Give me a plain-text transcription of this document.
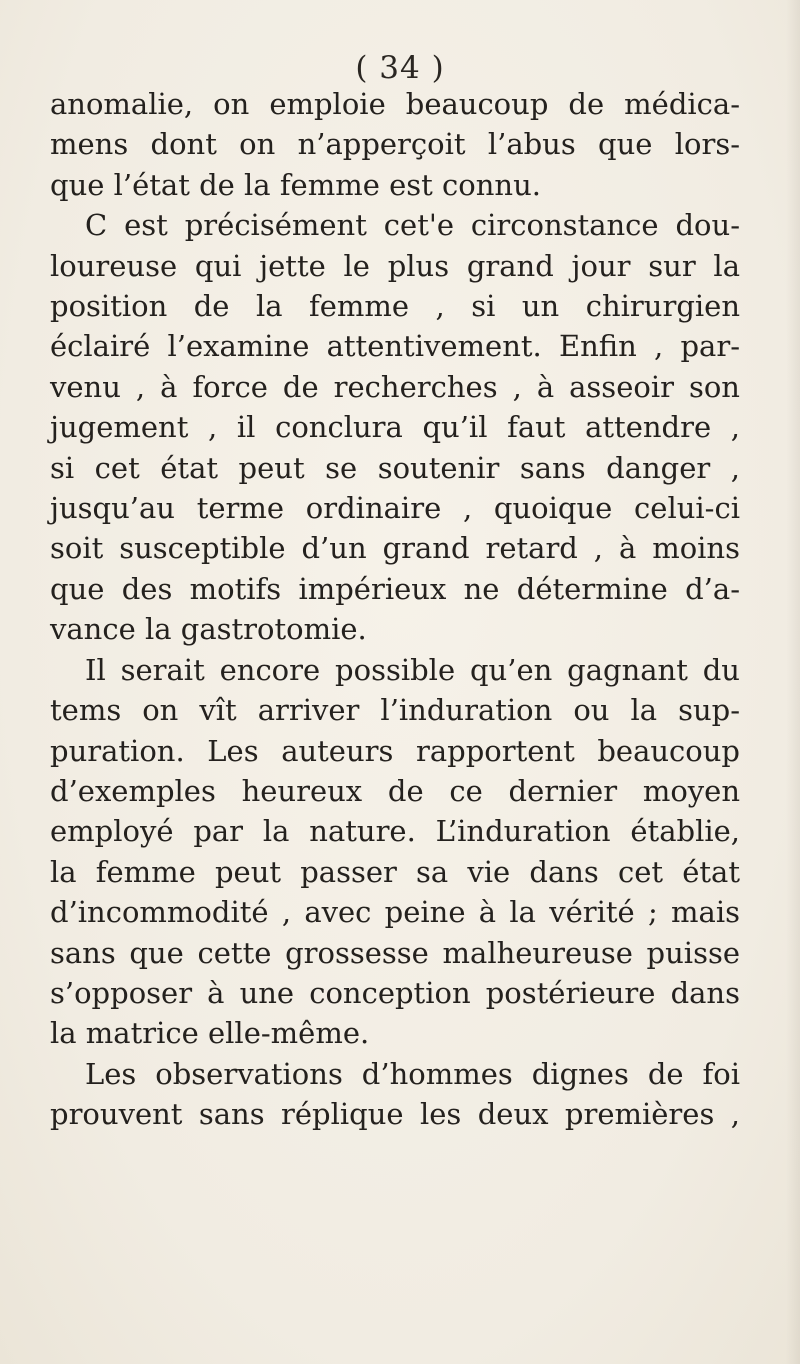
( 34 )
anomalie, on emploie beaucoup de médica-
mens dont on n’apperçoit l’abus que lors-
que l’état de la femme est connu.
C est précisément cet'e circonstance dou-
loureuse qui jette le plus grand jour sur la
position de la femme , si un chirurgien
éclairé l’examine attentivement. Enfin , par-
venu , à force de recherches , à asseoir son
jugement , il conclura qu’il faut attendre ,
si cet état peut se soutenir sans danger ,
jusqu’au terme ordinaire , quoique celui-ci
soit susceptible d’un grand retard , à moins
que des motifs impérieux ne détermine d’a-
vance la gastrotomie.
Il serait encore possible qu’en gagnant du
tems on vît arriver l’induration ou la sup-
puration. Les auteurs rapportent beaucoup
d’exemples heureux de ce dernier moyen
employé par la nature. L’induration établie,
la femme peut passer sa vie dans cet état
d’incommodité , avec peine à la vérité ; mais
sans que cette grossesse malheureuse puisse
s’opposer à une conception postérieure dans
la matrice elle-même.
Les observations d’hommes dignes de foi
prouvent sans réplique les deux premières ,
